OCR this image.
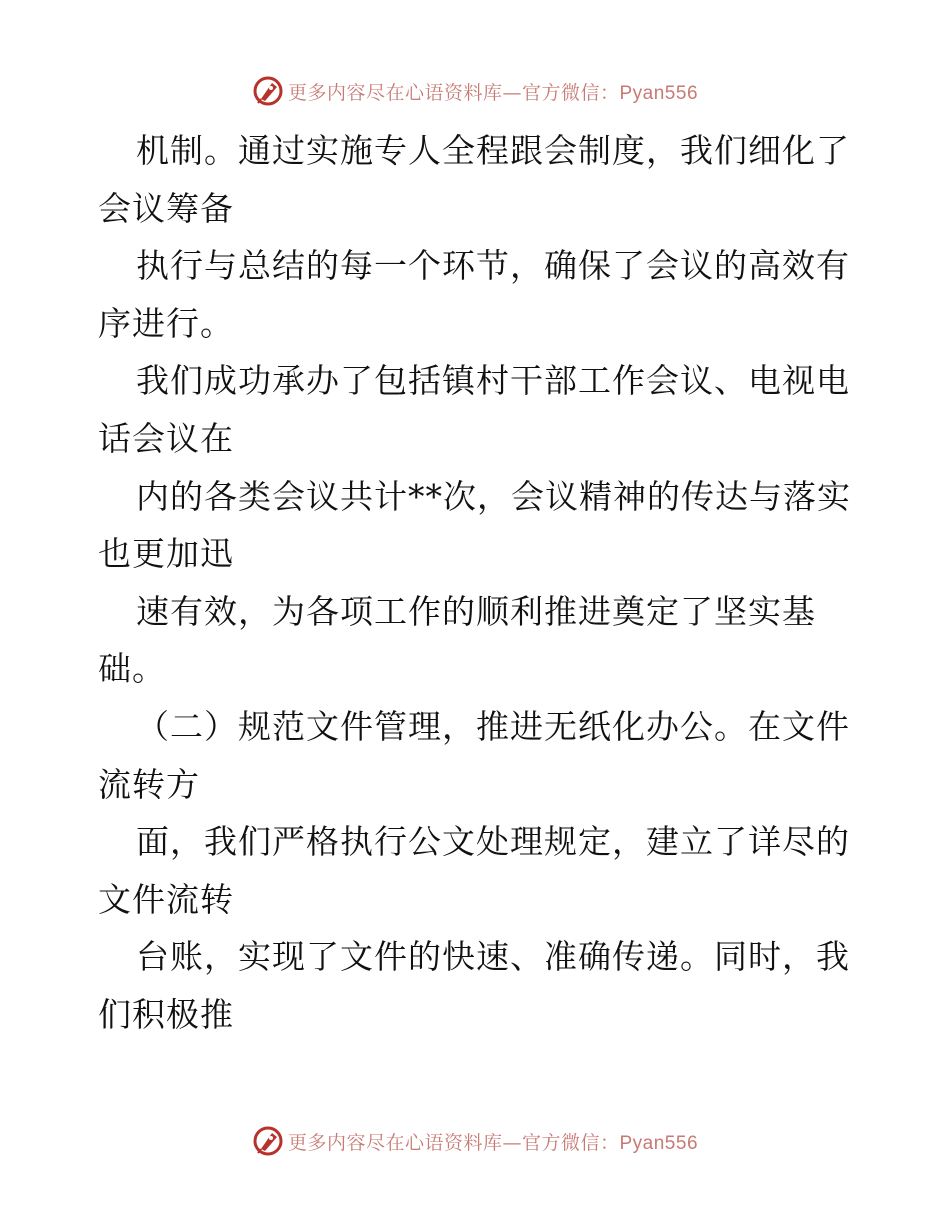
更多内容尽在心语资料库—官方微信：Pyan556
机制。通过实施专人全程跟会制度，我们细化了
会议筹备
执行与总结的每一个环节，确保了会议的高效有
序进行。
我们成功承办了包括镇村干部工作会议、电视电
话会议在
内的各类会议共计**次，会议精神的传达与落实
也更加迅
速有效，为各项工作的顺利推进奠定了坚实基
础。
（二）规范文件管理，推进无纸化办公。在文件
流转方
面，我们严格执行公文处理规定，建立了详尽的
文件流转
台账，实现了文件的快速、准确传递。同时，我
们积极推
更多内容尽在心语资料库—官方微信：Pyan556
